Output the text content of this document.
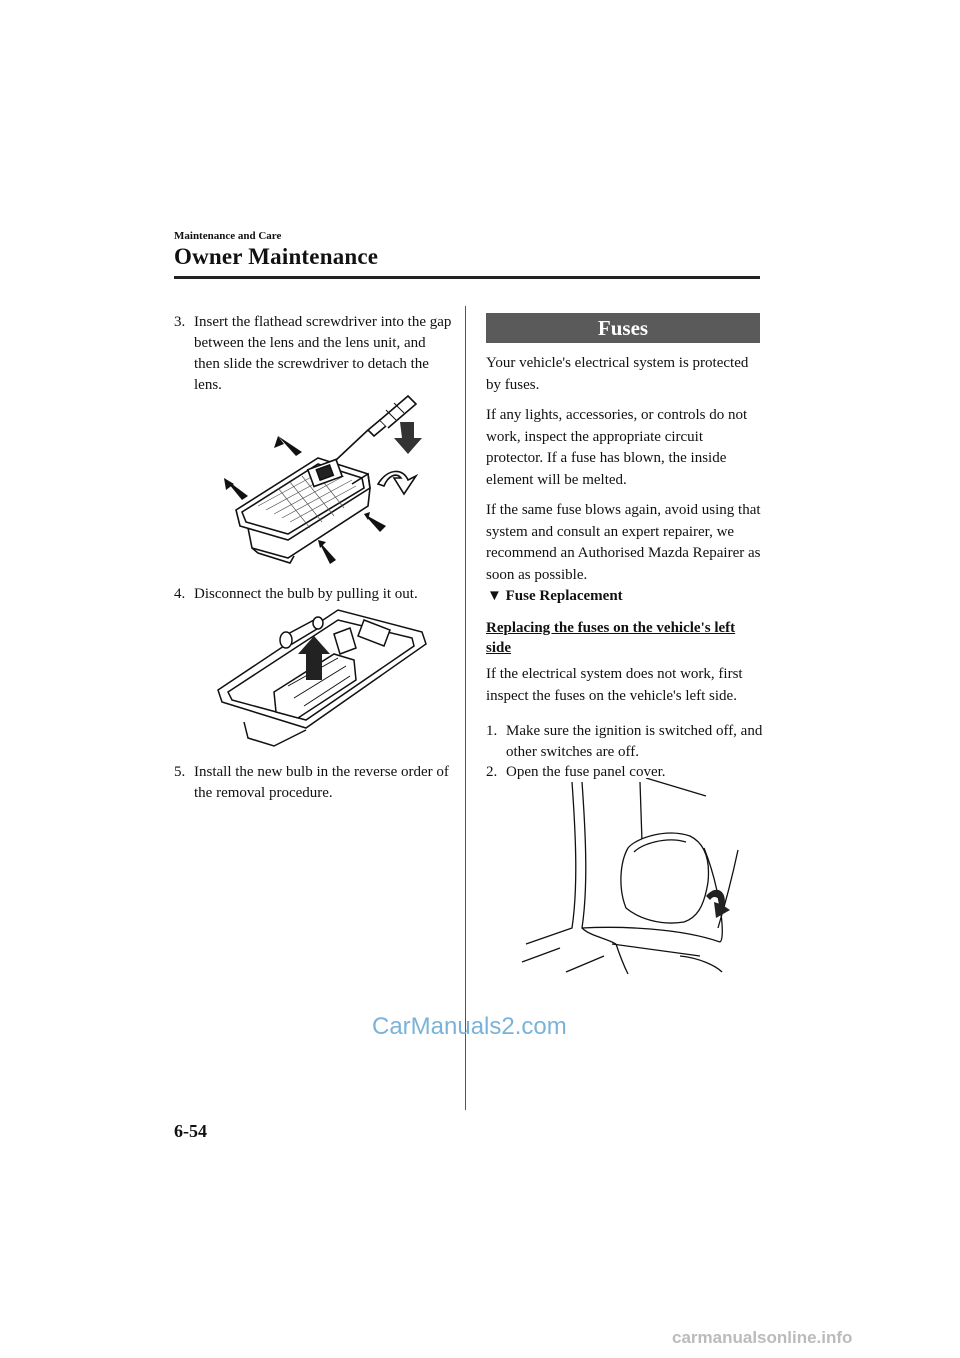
Maintenance and Care
Owner Maintenance
3. Insert the flathead screwdriver into the gap between the lens and the lens unit, and then slide the screwdriver to detach the lens.
4. Disconnect the bulb by pulling it out.
5. Install the new bulb in the reverse order of the removal procedure.
Fuses
Your vehicle's electrical system is protected by fuses.
If any lights, accessories, or controls do not work, inspect the appropriate circuit protector. If a fuse has blown, the inside element will be melted.
If the same fuse blows again, avoid using that system and consult an expert repairer, we recommend an Authorised Mazda Repairer as soon as possible.
▼ Fuse Replacement
Replacing the fuses on the vehicle's left side
If the electrical system does not work, first inspect the fuses on the vehicle's left side.
1. Make sure the ignition is switched off, and other switches are off.
2. Open the fuse panel cover.
6-54
CarManuals2.com
carmanualsonline.info
